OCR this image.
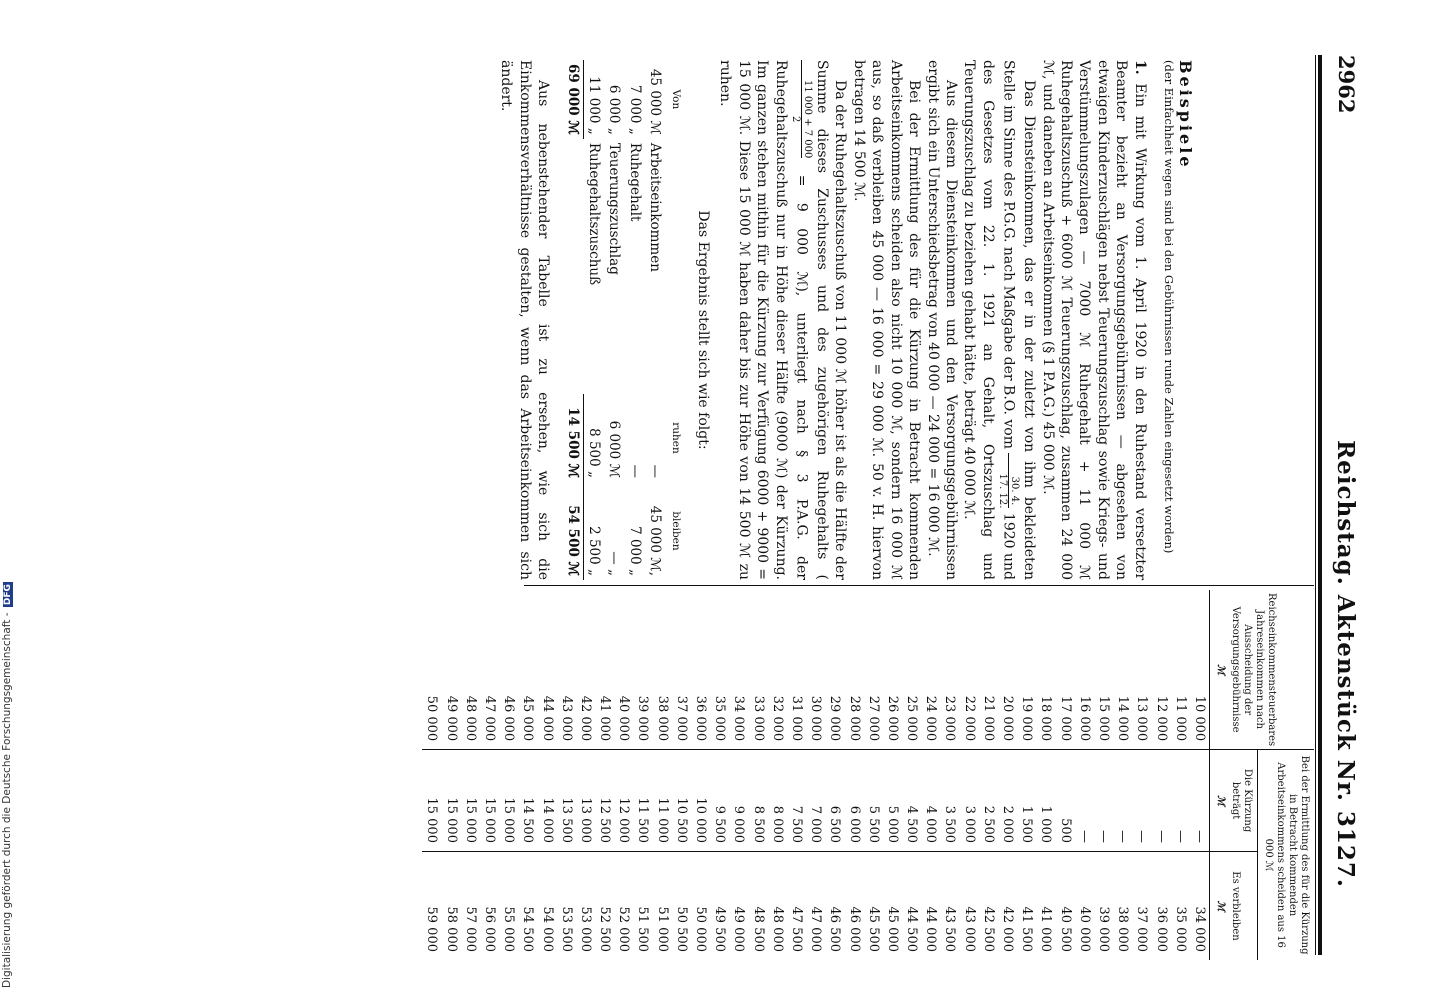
2962
Reichstag. Aktenstück Nr. 3127.

Beispiele

(der Einfachheit wegen sind bei den Gebührnissen runde Zahlen eingesetzt worden)

1. Ein mit Wirkung vom 1. April 1920 in den Ruhestand versetzter Beamter bezieht an Versorgungsgebührnissen — abgesehen von etwaigen Kinderzuschlägen nebst Teuerungszuschlag sowie Kriegs- und Verstümmelungszulagen — 7000 ℳ Ruhegehalt + 11 000 ℳ Ruhegehaltszuschuß + 6000 ℳ Teuerungszuschlag, zusammen 24 000 ℳ, und daneben an Arbeitseinkommen (§ 1 P.A.G.) 45 000 ℳ.

Das Diensteinkommen, das er in der zuletzt von ihm bekleideten Stelle im Sinne des P.G.G. nach Maßgabe der B.O. vom
30. 4.
17. 12.
1920 und des Gesetzes vom 22. 1. 1921 an Gehalt, Ortszuschlag und Teuerungszuschlag zu beziehen gehabt hätte, beträgt 40 000 ℳ.

Aus diesem Diensteinkommen und den Versorgungsgebührnissen ergibt sich ein Unterschiedsbetrag von 40 000 — 24 000 = 16 000 ℳ.

Bei der Ermittlung des für die Kürzung in Betracht kommenden Arbeitseinkommens scheiden also nicht 10 000 ℳ, sondern 16 000 ℳ aus, so daß verbleiben 45 000 — 16 000 = 29 000 ℳ. 50 v. H. hiervon betragen 14 500 ℳ.

Da der Ruhegehaltszuschuß von 11 000 ℳ höher ist als die Hälfte der Summe dieses Zuschusses und des zugehörigen Ruhegehalts (
11 000 + 7 000
2
= 9 000 ℳ), unterliegt nach § 3 P.A.G. der Ruhegehaltszuschuß nur in Höhe dieser Hälfte (9000 ℳ) der Kürzung. Im ganzen stehen mithin für die Kürzung zur Verfügung 6000 + 9000 = 15 000 ℳ. Diese 15 000 ℳ haben daher bis zur Höhe von 14 500 ℳ zu ruhen.

Das Ergebnis stellt sich wie folgt:

Von		ruhen	bleiben
45 000 ℳ	Arbeitseinkommen	—	45 000 ℳ,
7 000 „	Ruhegehalt	—	7 000 „
6 000 „	Teuerungszuschlag	6 000 ℳ	— „
11 000 „	Ruhegehaltszuschuß	8 500 „	2 500 „
69 000 ℳ		14 500 ℳ	54 500 ℳ

Aus nebenstehender Tabelle ist zu ersehen, wie sich die Einkommensverhältnisse gestalten, wenn das Arbeitseinkommen sich ändert.

Reichseinkommensteuerbares Jahreseinkommen nach Ausscheidung der Versorgungsgebührnisse
ℳ	Bei der Ermittlung des für die Kürzung in Betracht kommenden Arbeitseinkommens scheiden aus 16 000 ℳ	
	Die Kürzung beträgt
ℳ	Es verbleiben
ℳ

10 000	—	34 000
11 000	—	35 000
12 000	—	36 000
13 000	—	37 000
14 000	—	38 000
15 000	—	39 000
16 000	—	40 000
17 000	500	40 500
18 000	1 000	41 000
19 000	1 500	41 500
20 000	2 000	42 000
21 000	2 500	42 500
22 000	3 000	43 000
23 000	3 500	43 500
24 000	4 000	44 000
25 000	4 500	44 500
26 000	5 000	45 000
27 000	5 500	45 500
28 000	6 000	46 000
29 000	6 500	46 500
30 000	7 000	47 000
31 000	7 500	47 500
32 000	8 000	48 000
33 000	8 500	48 500
34 000	9 000	49 000
35 000	9 500	49 500
36 000	10 000	50 000
37 000	10 500	50 500
38 000	11 000	51 000
39 000	11 500	51 500
40 000	12 000	52 000
41 000	12 500	52 500
42 000	13 000	53 000
43 000	13 500	53 500
44 000	14 000	54 000
45 000	14 500	54 500
46 000	15 000	55 000
47 000	15 000	56 000
48 000	15 000	57 000
49 000	15 000	58 000
50 000	15 000	59 000
Digitalisierung gefördert durch die Deutsche Forschungsgemeinschaft - DFG
